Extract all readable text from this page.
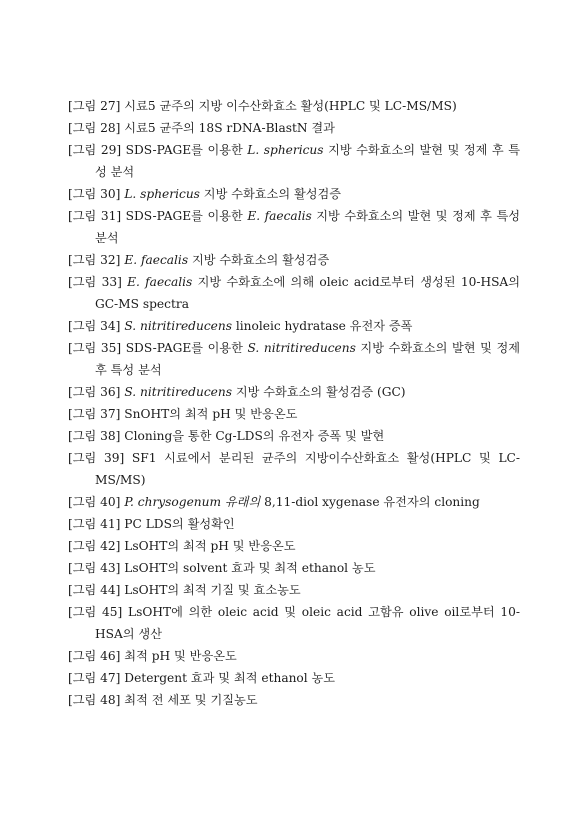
[그림 27] 시료5 균주의 지방 이수산화효소 활성(HPLC 및 LC-MS/MS)
[그림 28] 시료5 균주의 18S rDNA-BlastN 결과
[그림 29] SDS-PAGE를 이용한 L. sphericus 지방 수화효소의 발현 및 정제 후 특성 분석
[그림 30] L. sphericus 지방 수화효소의 활성검증
[그림 31] SDS-PAGE를 이용한 E. faecalis 지방 수화효소의 발현 및 정제 후 특성 분석
[그림 32] E. faecalis 지방 수화효소의 활성검증
[그림 33] E. faecalis 지방 수화효소에 의해 oleic acid로부터 생성된 10-HSA의 GC-MS spectra
[그림 34] S. nitritireducens linoleic hydratase 유전자 증폭
[그림 35] SDS-PAGE를 이용한 S. nitritireducens 지방 수화효소의 발현 및 정제 후 특성 분석
[그림 36] S. nitritireducens 지방 수화효소의 활성검증 (GC)
[그림 37] SnOHT의 최적 pH 및 반응온도
[그림 38] Cloning을 통한 Cg-LDS의 유전자 증폭 및 발현
[그림 39] SF1 시료에서 분리된 균주의 지방이수산화효소 활성(HPLC 및 LC-MS/MS)
[그림 40] P. chrysogenum 유래의 8,11-diol xygenase 유전자의 cloning
[그림 41] PC LDS의 활성확인
[그림 42] LsOHT의 최적 pH 및 반응온도
[그림 43] LsOHT의 solvent 효과 및 최적 ethanol 농도
[그림 44] LsOHT의 최적 기질 및 효소농도
[그림 45] LsOHT에 의한 oleic acid 및 oleic acid 고함유 olive oil로부터 10-HSA의 생산
[그림 46] 최적 pH 및 반응온도
[그림 47] Detergent 효과 및 최적 ethanol 농도
[그림 48] 최적 전 세포 및 기질농도
